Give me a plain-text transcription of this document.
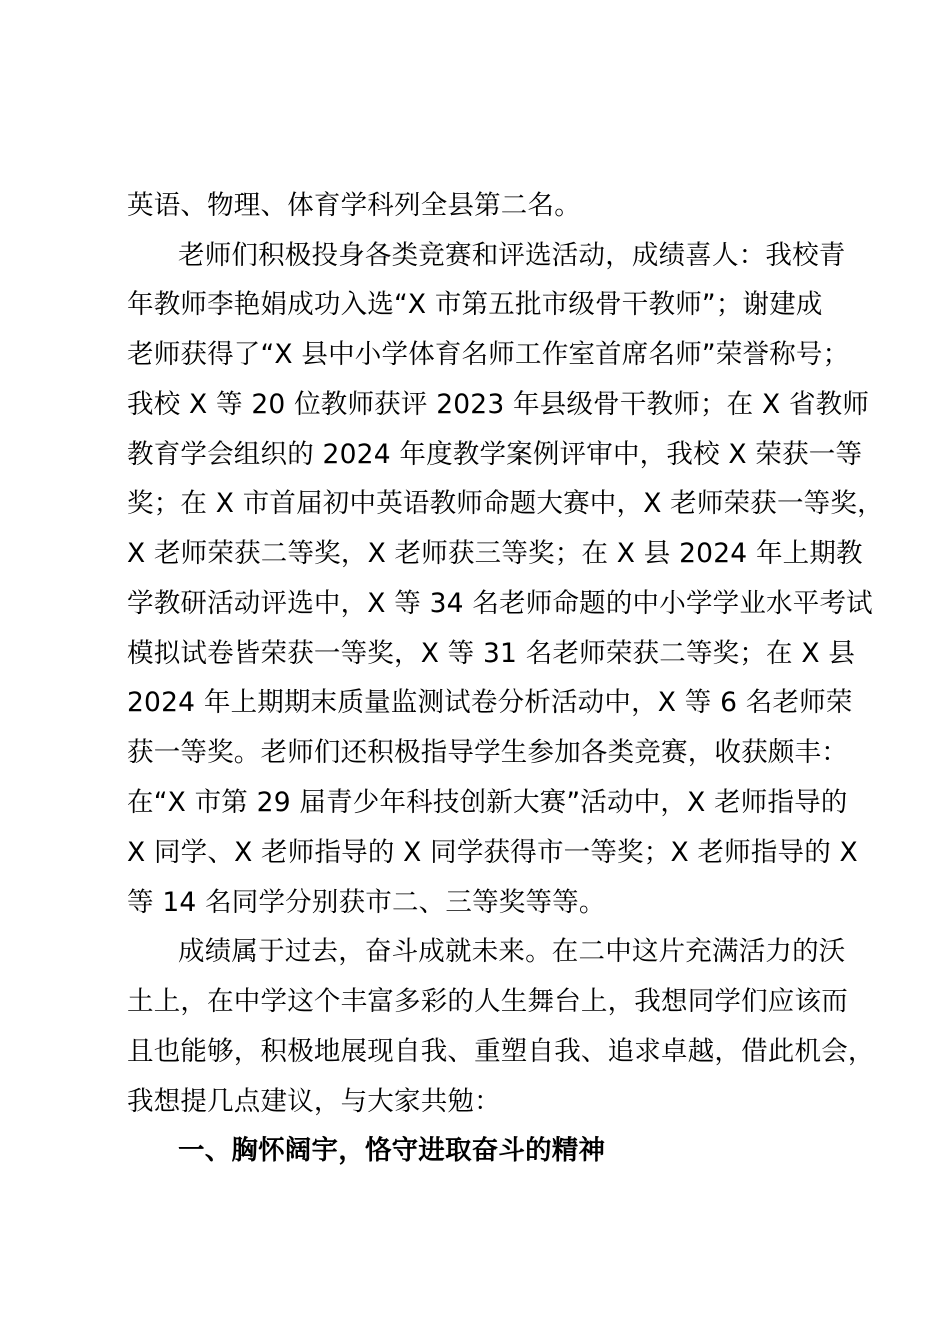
英语、物理、体育学科列全县第二名。
老师们积极投身各类竞赛和评选活动，成绩喜人：我校青
年教师李艳娟成功入选“X 市第五批市级骨干教师”；谢建成
老师获得了“X 县中小学体育名师工作室首席名师”荣誉称号；
我校 X 等 20 位教师获评 2023 年县级骨干教师；在 X 省教师
教育学会组织的 2024 年度教学案例评审中，我校 X 荣获一等
奖；在 X 市首届初中英语教师命题大赛中，X 老师荣获一等奖，
X 老师荣获二等奖，X 老师获三等奖；在 X 县 2024 年上期教
学教研活动评选中，X 等 34 名老师命题的中小学学业水平考试
模拟试卷皆荣获一等奖，X 等 31 名老师荣获二等奖；在 X 县
2024 年上期期末质量监测试卷分析活动中，X 等 6 名老师荣
获一等奖。老师们还积极指导学生参加各类竞赛，收获颇丰：
在“X 市第 29 届青少年科技创新大赛”活动中，X 老师指导的
X 同学、X 老师指导的 X 同学获得市一等奖；X 老师指导的 X
等 14 名同学分别获市二、三等奖等等。
成绩属于过去，奋斗成就未来。在二中这片充满活力的沃
土上，在中学这个丰富多彩的人生舞台上，我想同学们应该而
且也能够，积极地展现自我、重塑自我、追求卓越，借此机会，
我想提几点建议，与大家共勉：
一、胸怀阔宇，恪守进取奋斗的精神
